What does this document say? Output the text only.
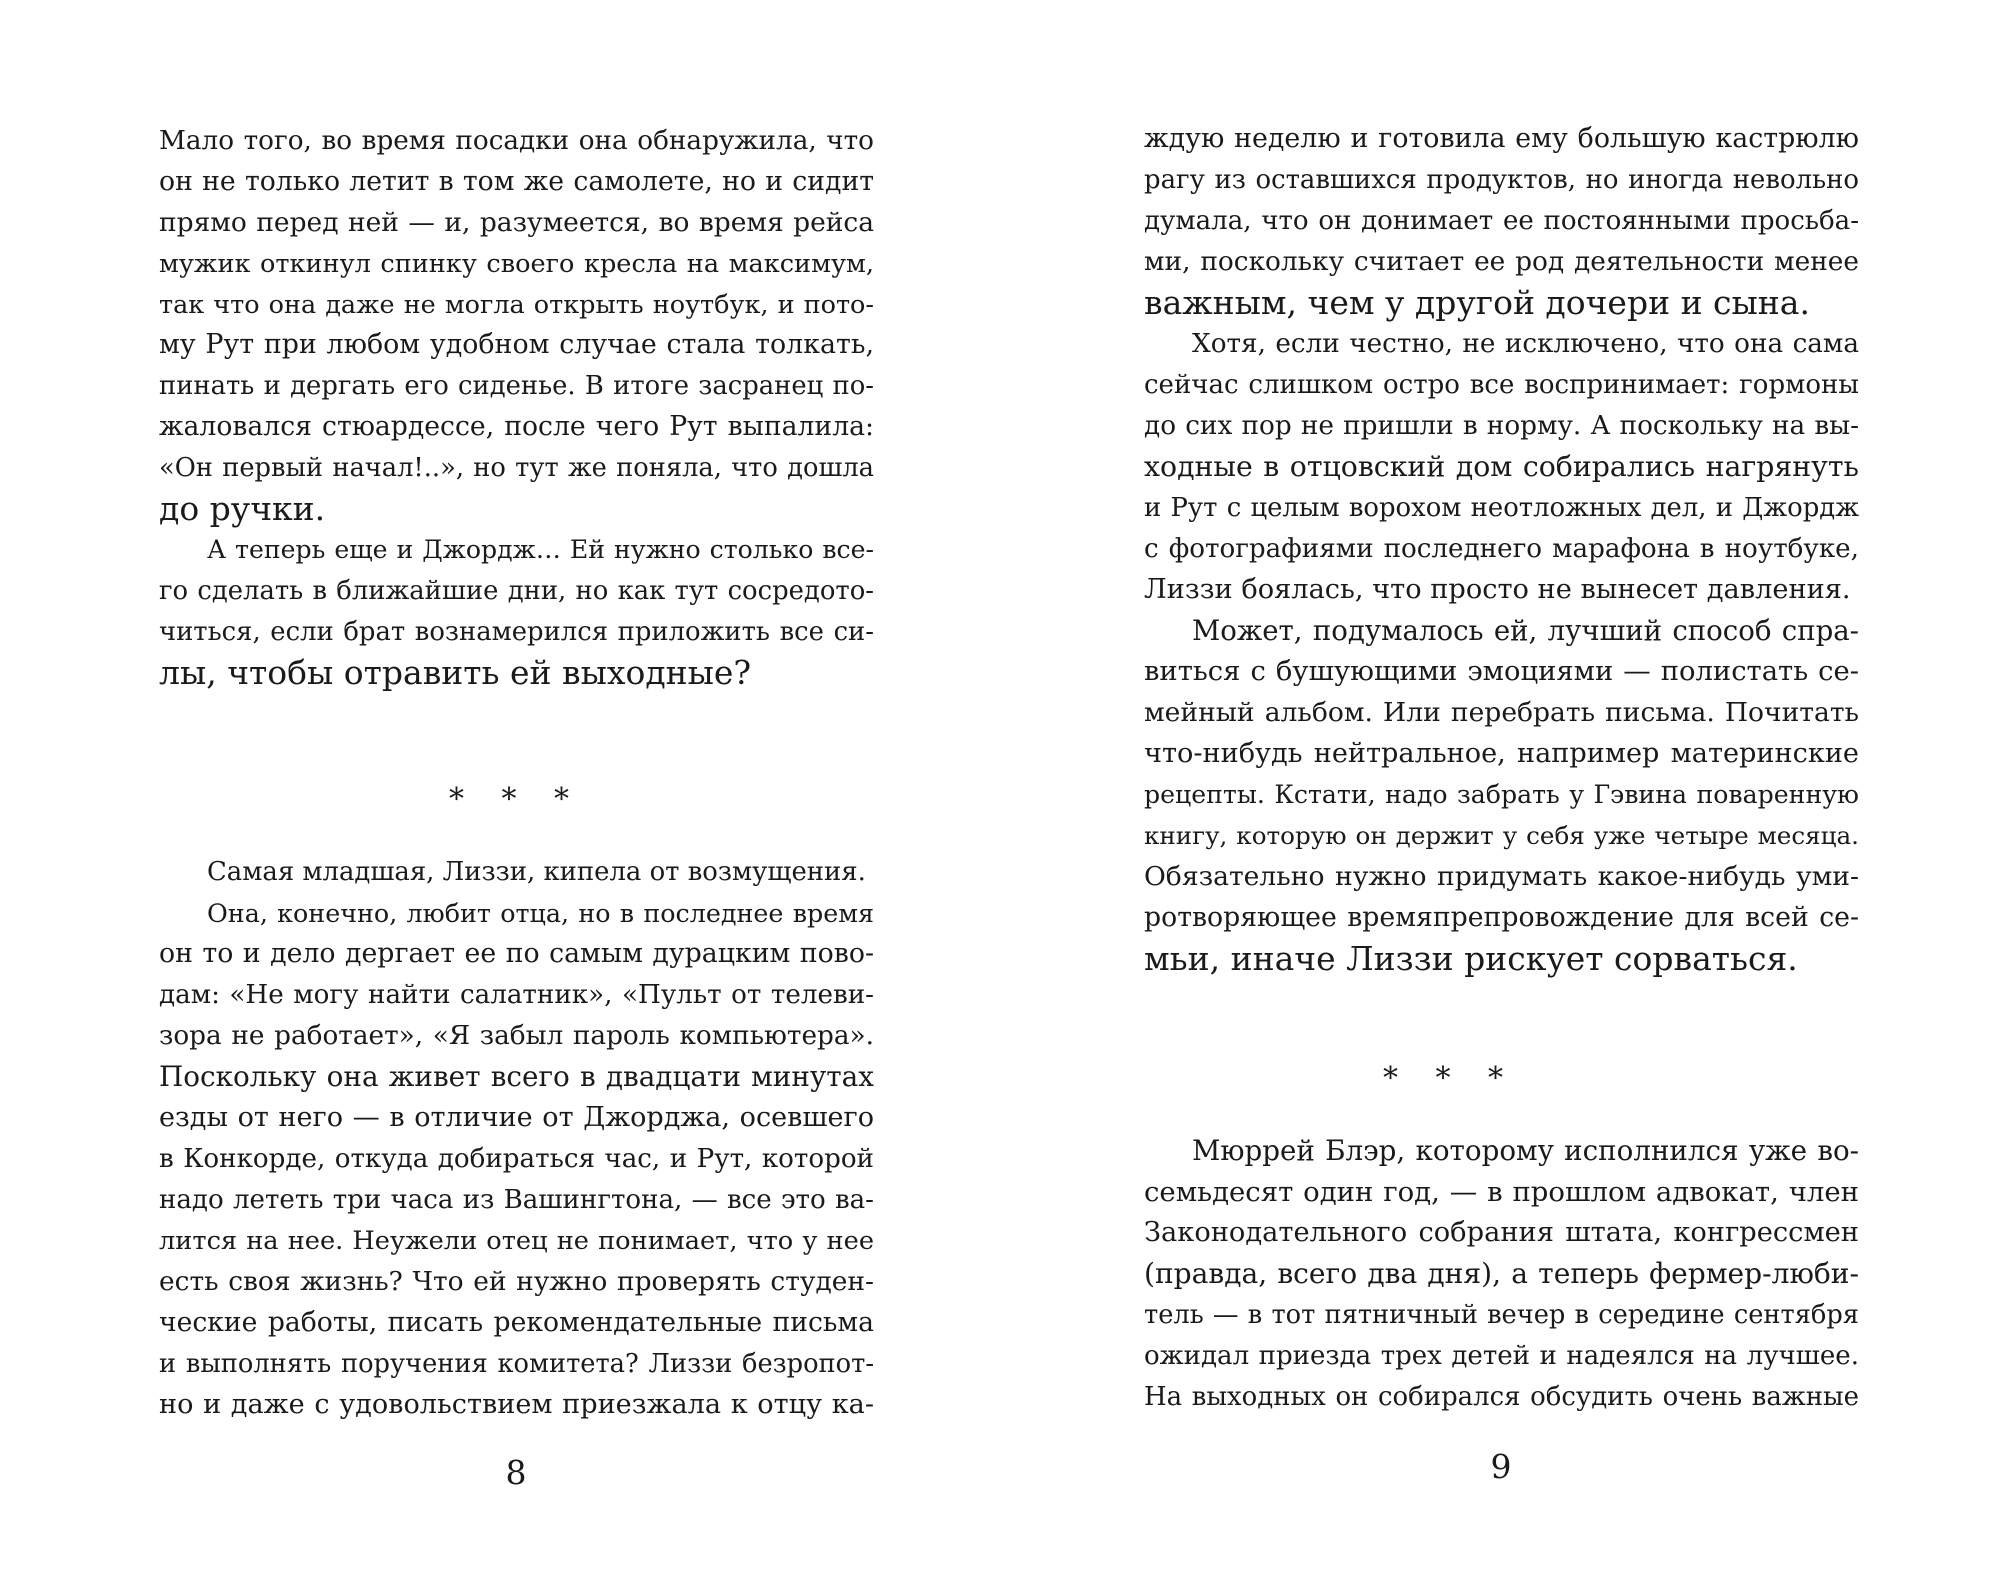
Мало того, во время посадки она обнаружила, что
он не только летит в том же самолете, но и сидит
прямо перед ней — и, разумеется, во время рейса
мужик откинул спинку своего кресла на максимум,
так что она даже не могла открыть ноутбук, и пото-
му Рут при любом удобном случае стала толкать,
пинать и дергать его сиденье. В итоге засранец по-
жаловался стюардессе, после чего Рут выпалила:
«Он первый начал!..», но тут же поняла, что дошла
до ручки.
А теперь еще и Джордж… Ей нужно столько все-
го сделать в ближайшие дни, но как тут сосредото-
читься, если брат вознамерился приложить все си-
лы, чтобы отравить ей выходные?
* * *
Самая младшая, Лиззи, кипела от возмущения.
Она, конечно, любит отца, но в последнее время
он то и дело дергает ее по самым дурацким пово-
дам: «Не могу найти салатник», «Пульт от телеви-
зора не работает», «Я забыл пароль компьютера».
Поскольку она живет всего в двадцати минутах
езды от него — в отличие от Джорджа, осевшего
в Конкорде, откуда добираться час, и Рут, которой
надо лететь три часа из Вашингтона, — все это ва-
лится на нее. Неужели отец не понимает, что у нее
есть своя жизнь? Что ей нужно проверять студен-
ческие работы, писать рекомендательные письма
и выполнять поручения комитета? Лиззи безропот-
но и даже с удовольствием приезжала к отцу ка-
8
ждую неделю и готовила ему большую кастрюлю
рагу из оставшихся продуктов, но иногда невольно
думала, что он донимает ее постоянными просьба-
ми, поскольку считает ее род деятельности менее
важным, чем у другой дочери и сына.
Хотя, если честно, не исключено, что она сама
сейчас слишком остро все воспринимает: гормоны
до сих пор не пришли в норму. А поскольку на вы-
ходные в отцовский дом собирались нагрянуть
и Рут с целым ворохом неотложных дел, и Джордж
с фотографиями последнего марафона в ноутбуке,
Лиззи боялась, что просто не вынесет давления.
Может, подумалось ей, лучший способ спра-
виться с бушующими эмоциями — полистать се-
мейный альбом. Или перебрать письма. Почитать
что-нибудь нейтральное, например материнские
рецепты. Кстати, надо забрать у Гэвина поваренную
книгу, которую он держит у себя уже четыре месяца.
Обязательно нужно придумать какое-нибудь уми-
ротворяющее времяпрепровождение для всей се-
мьи, иначе Лиззи рискует сорваться.
* * *
Мюррей Блэр, которому исполнился уже во-
семьдесят один год, — в прошлом адвокат, член
Законодательного собрания штата, конгрессмен
(правда, всего два дня), а теперь фермер-люби-
тель — в тот пятничный вечер в середине сентября
ожидал приезда трех детей и надеялся на лучшее.
На выходных он собирался обсудить очень важные
9
